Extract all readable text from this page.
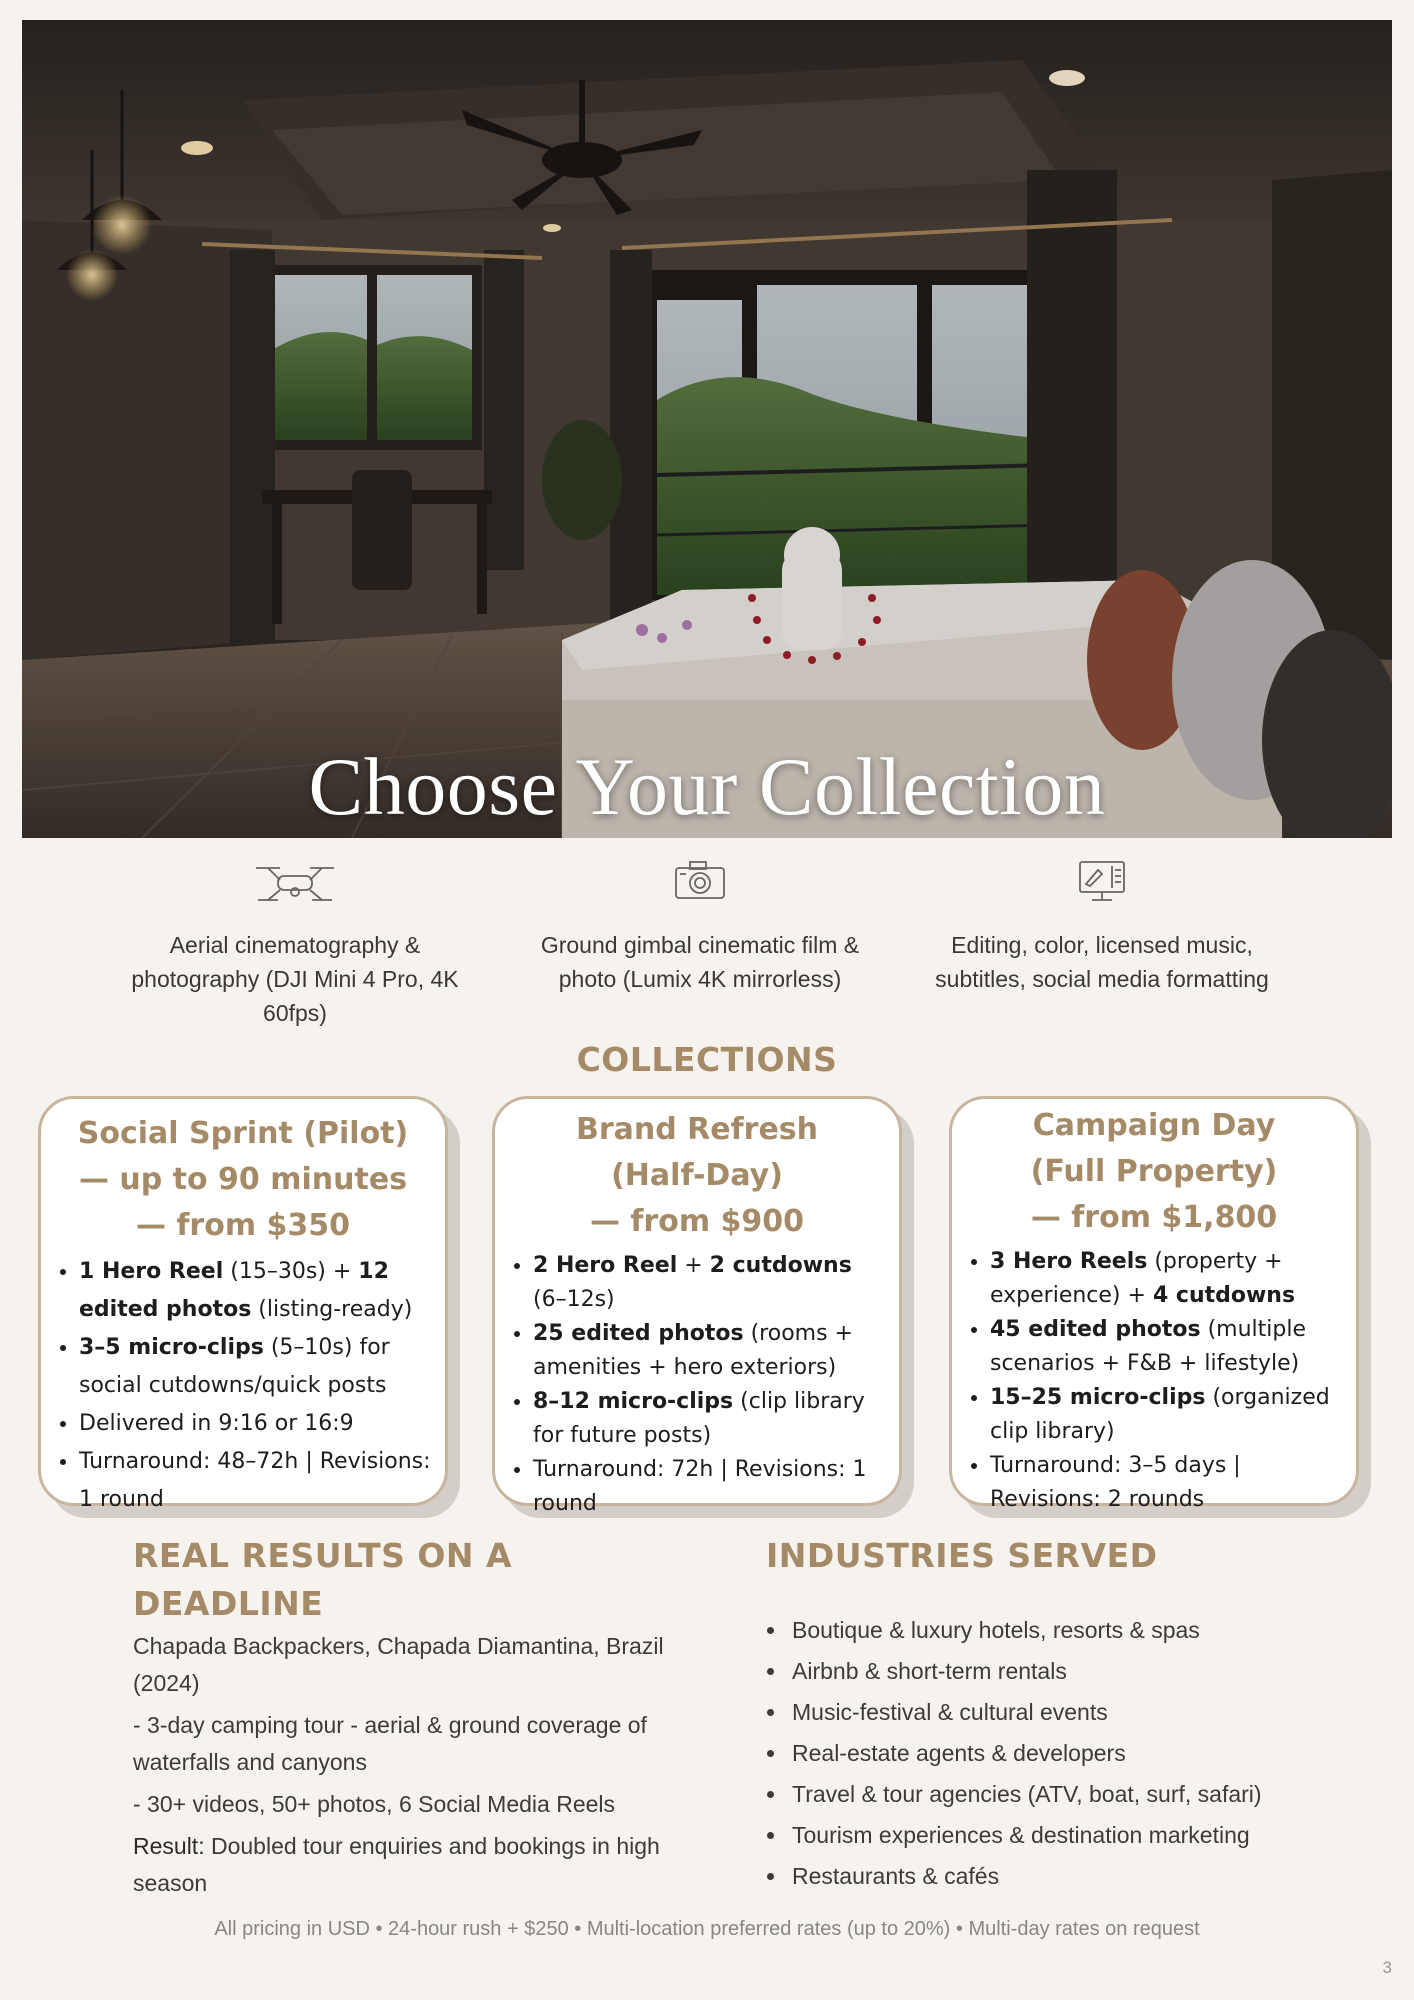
Choose Your Collection
Aerial cinematography & photography (DJI Mini 4 Pro, 4K 60fps)
Ground gimbal cinematic film & photo (Lumix 4K mirrorless)
Editing, color, licensed music, subtitles, social media formatting
COLLECTIONS
Social Sprint (Pilot)
— up to 90 minutes
— from $350
• 1 Hero Reel (15–30s) + 12 edited photos (listing-ready)
• 3–5 micro-clips (5–10s) for social cutdowns/quick posts
• Delivered in 9:16 or 16:9
• Turnaround: 48–72h | Revisions: 1 round
Brand Refresh
(Half-Day)
— from $900
• 2 Hero Reel + 2 cutdowns (6–12s)
• 25 edited photos (rooms + amenities + hero exteriors)
• 8–12 micro-clips (clip library for future posts)
• Turnaround: 72h | Revisions: 1 round
Campaign Day
(Full Property)
— from $1,800
• 3 Hero Reels (property + experience) + 4 cutdowns
• 45 edited photos (multiple scenarios + F&B + lifestyle)
• 15–25 micro-clips (organized clip library)
• Turnaround: 3–5 days | Revisions: 2 rounds
REAL RESULTS ON A DEADLINE

Chapada Backpackers, Chapada Diamantina, Brazil (2024)

- 3-day camping tour - aerial & ground coverage of waterfalls and canyons

- 30+ videos, 50+ photos, 6 Social Media Reels

Result: Doubled tour enquiries and bookings in high season

INDUSTRIES SERVED
• Boutique & luxury hotels, resorts & spas
• Airbnb & short-term rentals
• Music-festival & cultural events
• Real-estate agents & developers
• Travel & tour agencies (ATV, boat, surf, safari)
• Tourism experiences & destination marketing
• Restaurants & cafés
All pricing in USD • 24-hour rush + $250 • Multi-location preferred rates (up to 20%) • Multi-day rates on request
3
